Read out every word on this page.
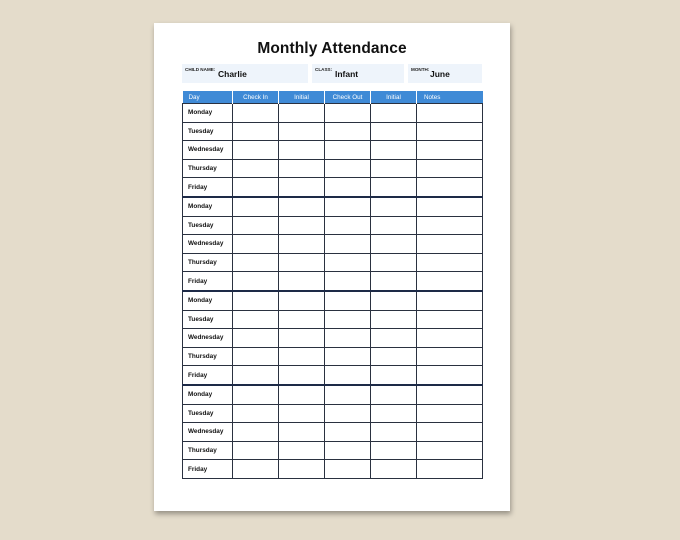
Monthly Attendance
CHILD NAME: Charlie	CLASS: Infant	MONTH: June
Day	Check In	Initial	Check Out	Initial	Notes
Monday					
Tuesday					
Wednesday					
Thursday					
Friday					
Monday					
Tuesday					
Wednesday					
Thursday					
Friday					
Monday					
Tuesday					
Wednesday					
Thursday					
Friday					
Monday					
Tuesday					
Wednesday					
Thursday					
Friday					
